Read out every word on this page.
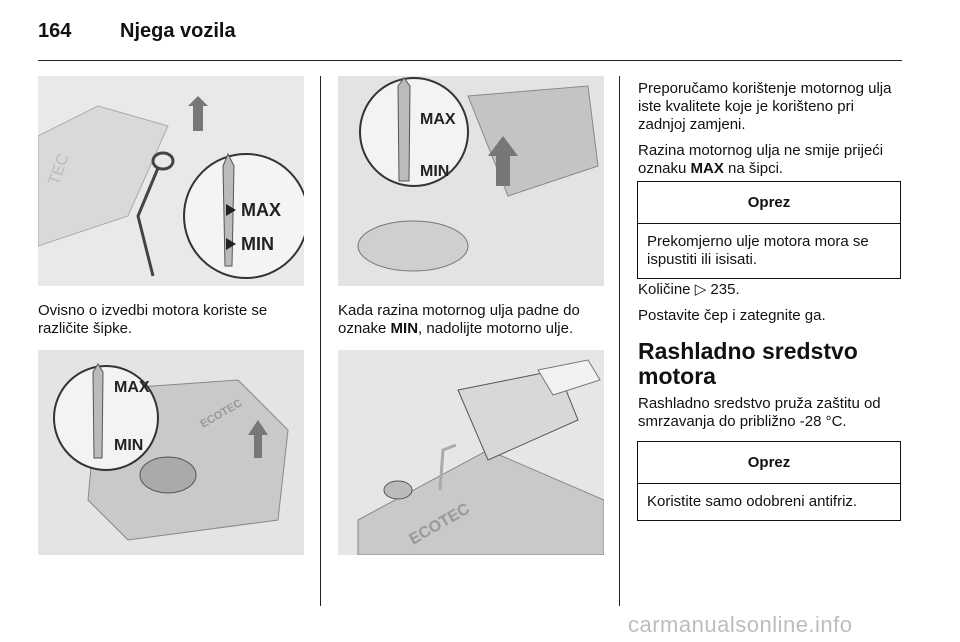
164 Njega vozila
TEC
MAX
MIN

Ovisno o izvedbi motora koriste se različite šipke.

ECOTEC
MAX
MIN
MAX
MIN

Kada razina motornog ulja padne do oznake MIN, nadolijte motorno ulje.

ECOTEC

Preporučamo korištenje motornog ulja iste kvalitete koje je korišteno pri zadnjoj zamjeni.

Razina motornog ulja ne smije prijeći oznaku MAX na šipci.

Oprez
Prekomjerno ulje motora mora se ispustiti ili isisati.

Količine ▷ 235.

Postavite čep i zategnite ga.

Rashladno sredstvo motora

Rashladno sredstvo pruža zaštitu od smrzavanja do približno -28 °C.

Oprez
Koristite samo odobreni antifriz.
carmanualsonline.info
